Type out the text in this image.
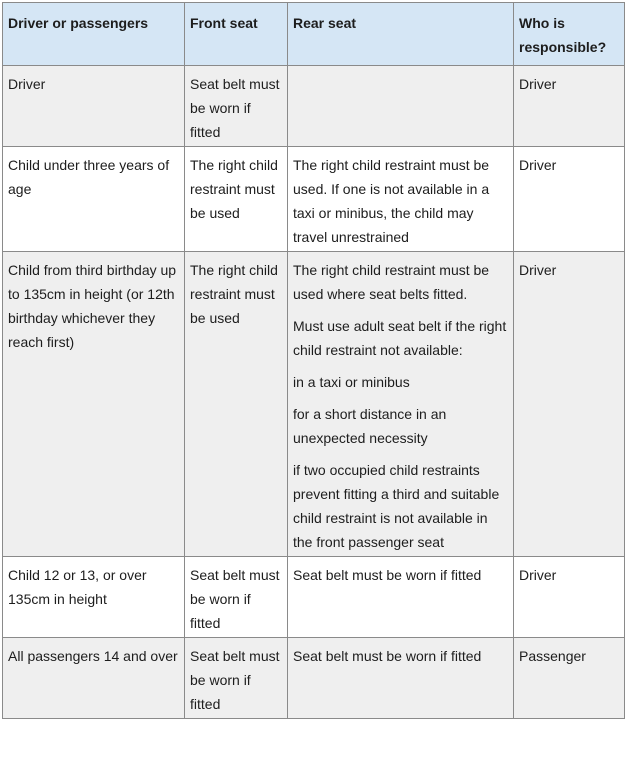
Driver or passengers	Front seat	Rear seat	Who is responsible?
Driver	Seat belt must be worn if fitted		Driver
Child under three years of age	The right child restraint must be used	The right child restraint must be used. If one is not available in a taxi or minibus, the child may travel unrestrained	Driver
Child from third birthday up to 135cm in height (or 12th birthday whichever they reach first)	The right child restraint must be used	The right child restraint must be used where seat belts fitted.

Must use adult seat belt if the right child restraint not available:

in a taxi or minibus

for a short distance in an unexpected necessity

if two occupied child restraints prevent fitting a third and suitable child restraint is not available in the front passenger seat	Driver
Child 12 or 13, or over 135cm in height	Seat belt must be worn if fitted	Seat belt must be worn if fitted	Driver
All passengers 14 and over	Seat belt must be worn if fitted	Seat belt must be worn if fitted	Passenger
